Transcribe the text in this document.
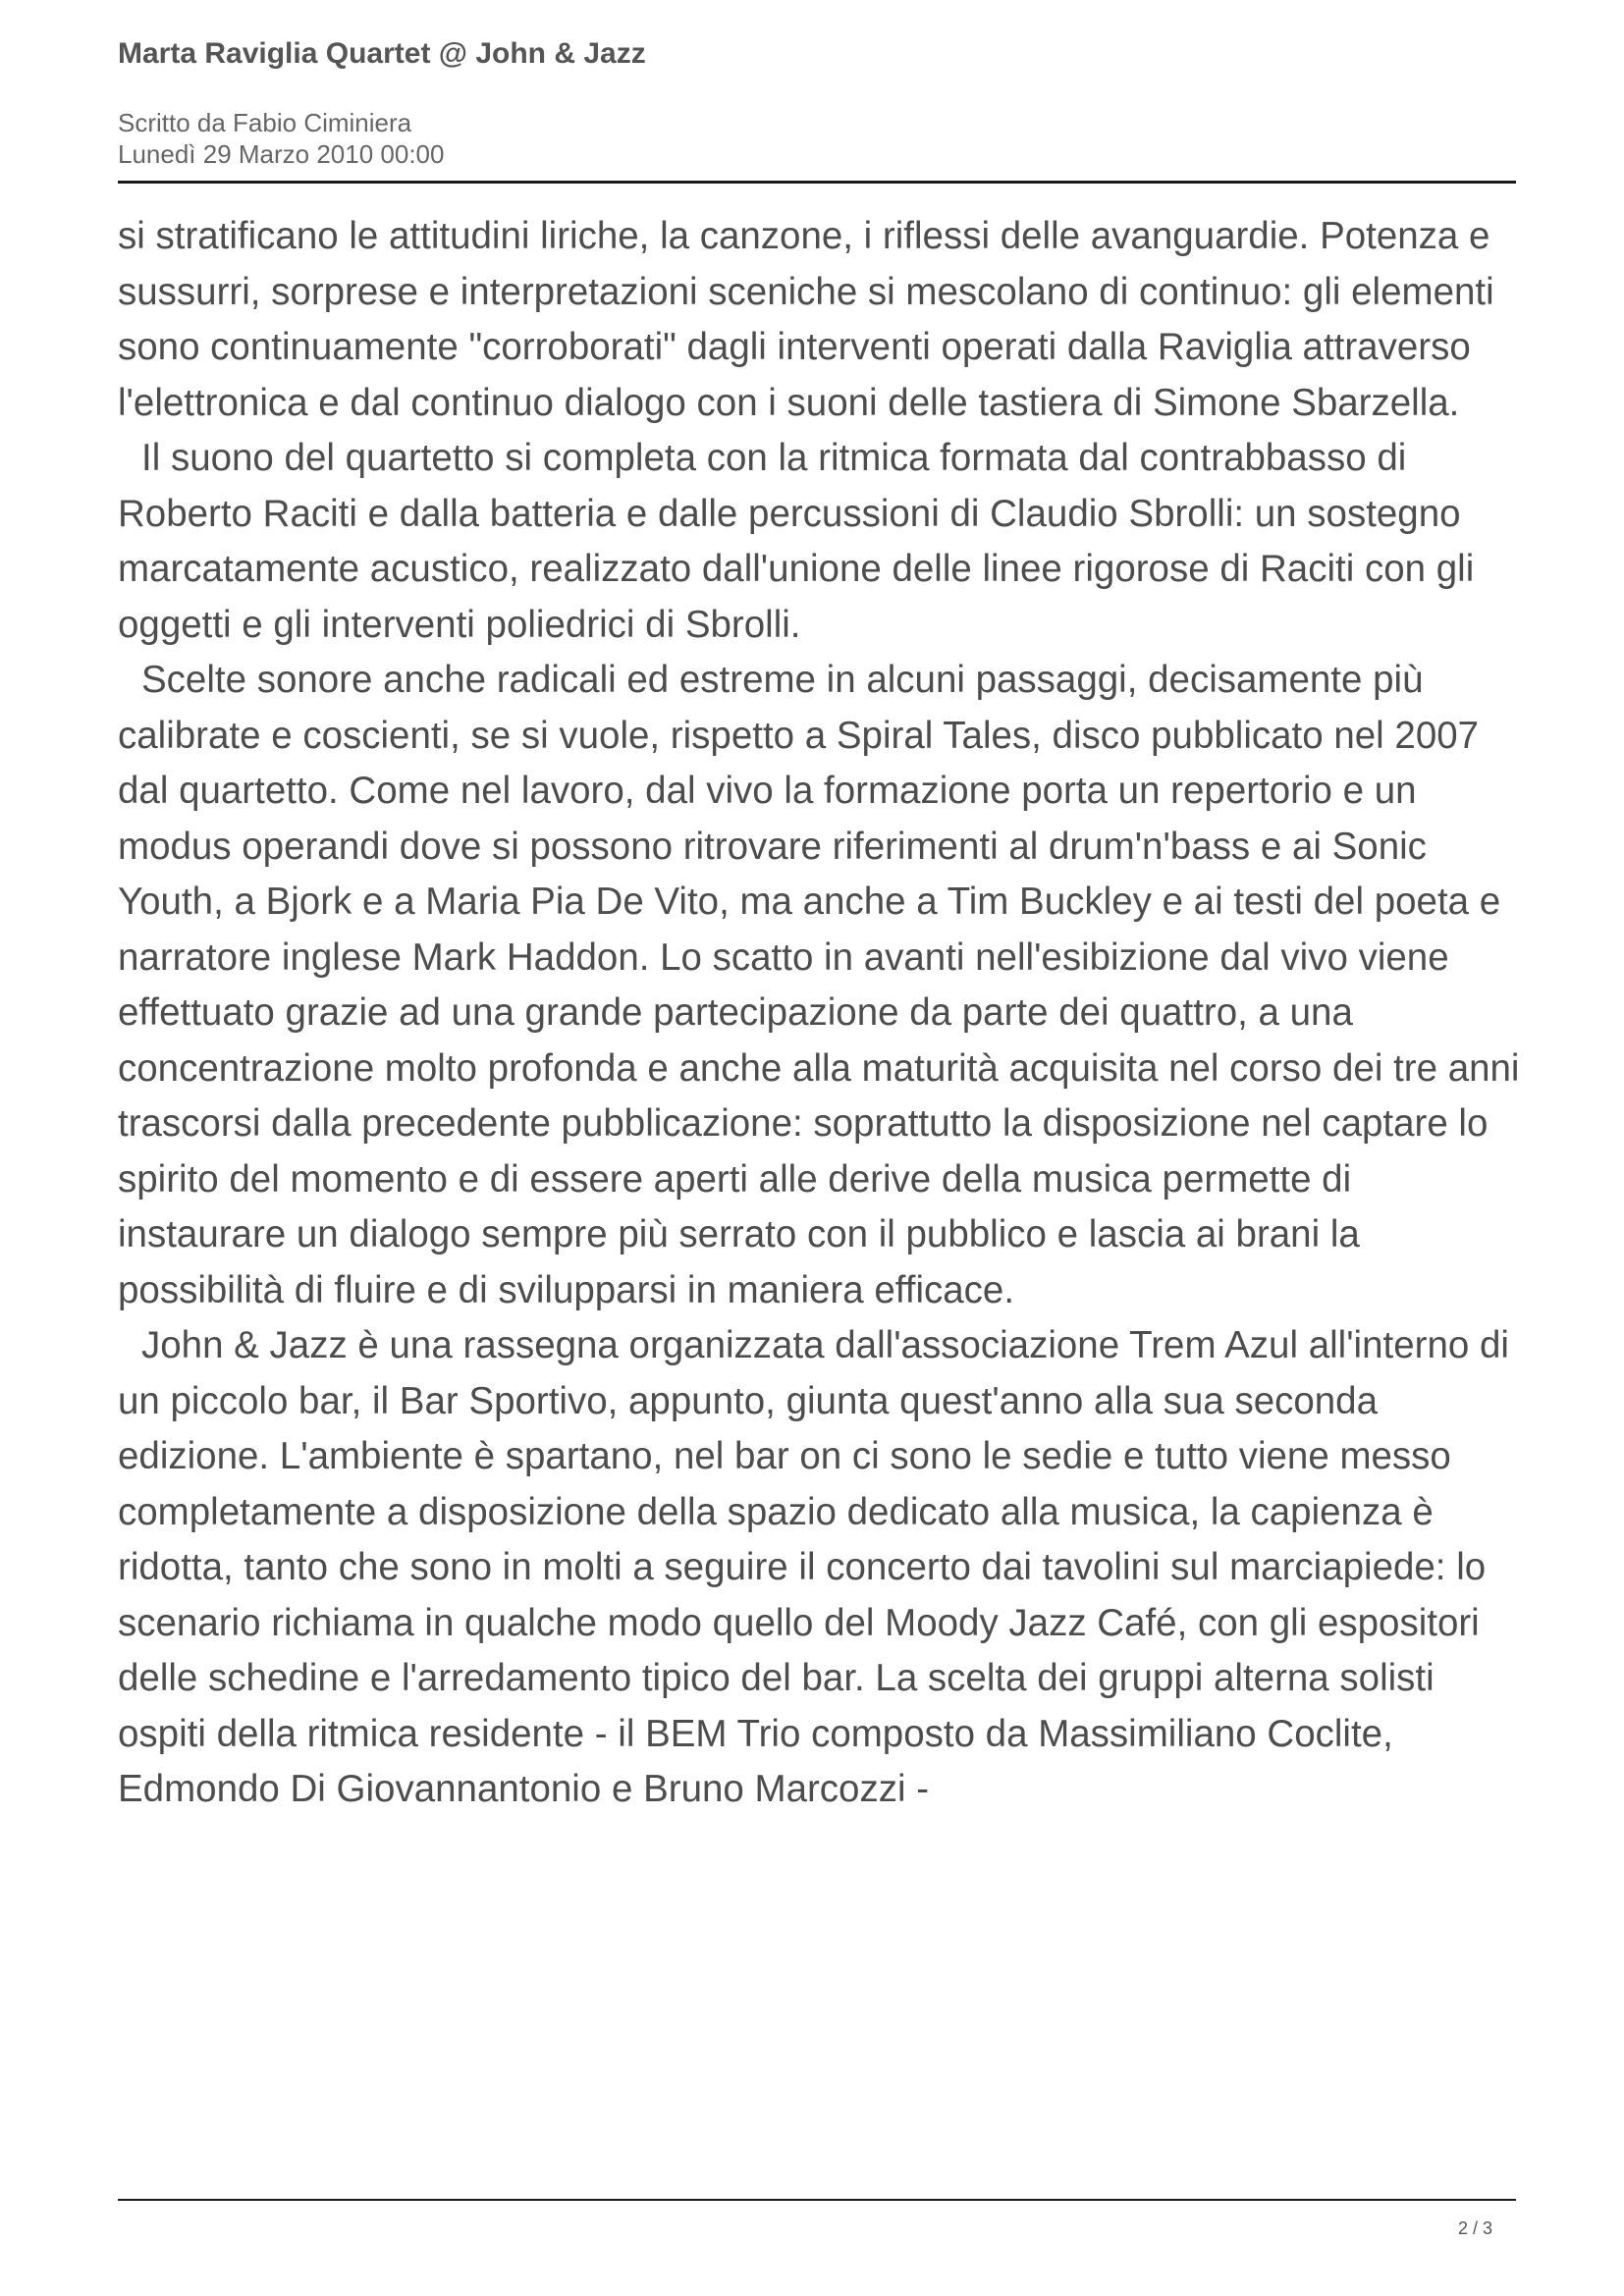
Marta Raviglia Quartet @ John & Jazz
Scritto da Fabio Ciminiera
Lunedì 29 Marzo 2010 00:00

si stratificano le attitudini liriche, la canzone, i riflessi delle avanguardie. Potenza e sussurri, sorprese e interpretazioni sceniche si mescolano di continuo: gli elementi sono continuamente "corroborati" dagli interventi operati dalla Raviglia attraverso l'elettronica e dal continuo dialogo con i suoni delle tastiera di Simone Sbarzella.

Il suono del quartetto si completa con la ritmica formata dal contrabbasso di Roberto Raciti e dalla batteria e dalle percussioni di Claudio Sbrolli: un sostegno marcatamente acustico, realizzato dall'unione delle linee rigorose di Raciti con gli oggetti e gli interventi poliedrici di Sbrolli.

Scelte sonore anche radicali ed estreme in alcuni passaggi, decisamente più calibrate e coscienti, se si vuole, rispetto a Spiral Tales, disco pubblicato nel 2007 dal quartetto. Come nel lavoro, dal vivo la formazione porta un repertorio e un modus operandi dove si possono ritrovare riferimenti al drum'n'bass e ai Sonic Youth, a Bjork e a Maria Pia De Vito, ma anche a Tim Buckley e ai testi del poeta e narratore inglese Mark Haddon. Lo scatto in avanti nell'esibizione dal vivo viene effettuato grazie ad una grande partecipazione da parte dei quattro, a una concentrazione molto profonda e anche alla maturità acquisita nel corso dei tre anni trascorsi dalla precedente pubblicazione: soprattutto la disposizione nel captare lo spirito del momento e di essere aperti alle derive della musica permette di instaurare un dialogo sempre più serrato con il pubblico e lascia ai brani la possibilità di fluire e di svilupparsi in maniera efficace.

John & Jazz è una rassegna organizzata dall'associazione Trem Azul all'interno di un piccolo bar, il Bar Sportivo, appunto, giunta quest'anno alla sua seconda edizione. L'ambiente è spartano, nel bar on ci sono le sedie e tutto viene messo completamente a disposizione della spazio dedicato alla musica, la capienza è ridotta, tanto che sono in molti a seguire il concerto dai tavolini sul marciapiede: lo scenario richiama in qualche modo quello del Moody Jazz Café, con gli espositori delle schedine e l'arredamento tipico del bar. La scelta dei gruppi alterna solisti ospiti della ritmica residente - il BEM Trio composto da Massimiliano Coclite, Edmondo Di Giovannantonio e Bruno Marcozzi -

2 / 3
